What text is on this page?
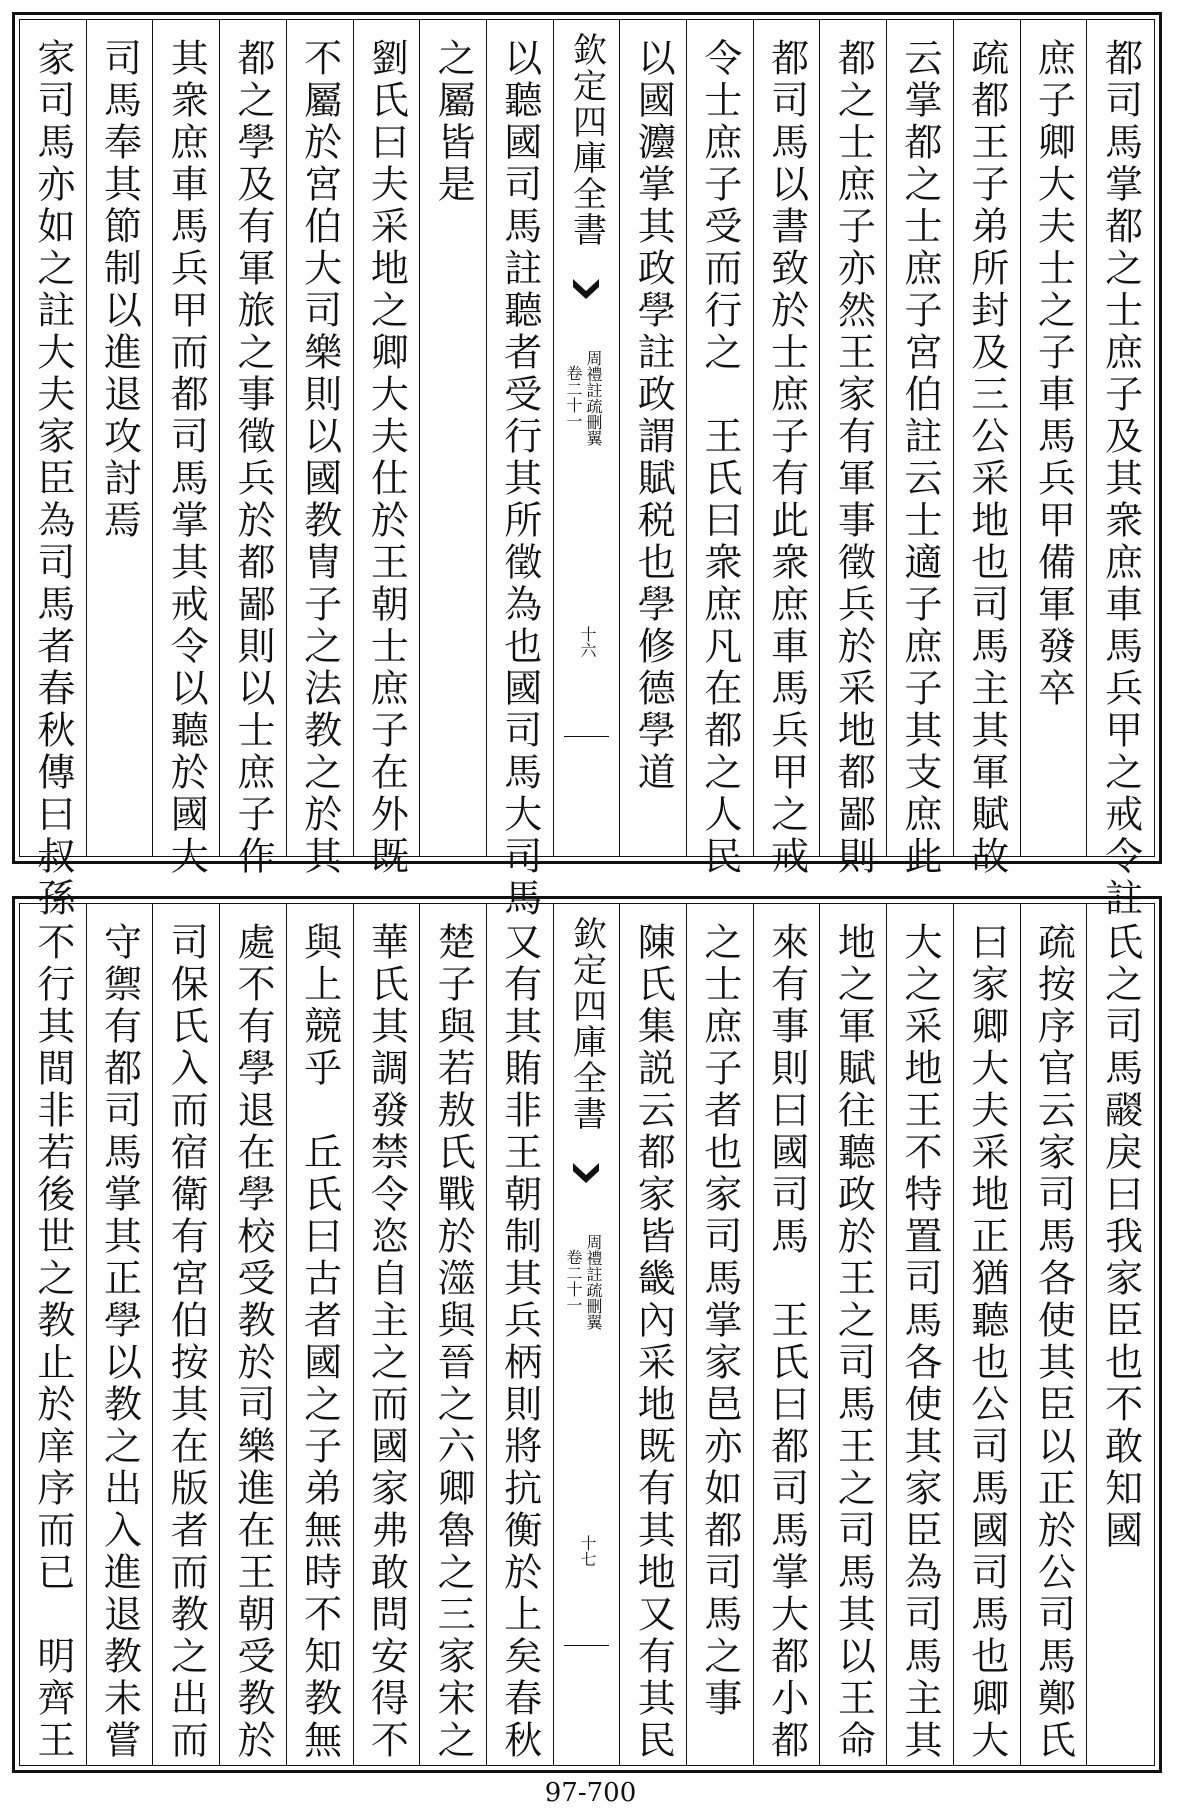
都司馬掌都之士庶子及其衆庶車馬兵甲之戒令註
庶子卿大夫士之子車馬兵甲備軍發卒
疏都王子弟所封及三公采地也司馬主其軍賦故
云掌都之士庶子宮伯註云士適子庶子其支庶此
都之士庶子亦然王家有軍事徵兵於采地都鄙則
都司馬以書致於士庶子有此衆庶車馬兵甲之戒
令士庶子受而行之　王氏曰衆庶凡在都之人民
以國灋掌其政學註政謂賦税也學修德學道
欽定四庫全書
周禮註疏刪翼
卷二十一
十六
以聽國司馬註聽者受行其所徵為也國司馬大司馬
之屬皆是
劉氏曰夫采地之卿大夫仕於王朝士庶子在外既
不屬於宮伯大司樂則以國教冑子之法教之於其
都之學及有軍旅之事徵兵於都鄙則以士庶子作
其衆庶車馬兵甲而都司馬掌其戒令以聽於國大
司馬奉其節制以進退攻討焉
家司馬亦如之註大夫家臣為司馬者春秋傳曰叔孫
氏之司馬鬷戾曰我家臣也不敢知國
疏按序官云家司馬各使其臣以正於公司馬鄭氏
曰家卿大夫采地正猶聽也公司馬國司馬也卿大
大之采地王不特置司馬各使其家臣為司馬主其
地之軍賦往聽政於王之司馬王之司馬其以王命
來有事則曰國司馬　王氏曰都司馬掌大都小都
之士庶子者也家司馬掌家邑亦如都司馬之事
陳氏集説云都家皆畿內采地既有其地又有其民
欽定四庫全書
周禮註疏刪翼
卷二十一
十七
又有其賄非王朝制其兵柄則將抗衡於上矣春秋
楚子與若敖氏戰於澨與晉之六卿魯之三家宋之
華氏其調發禁令恣自主之而國家弗敢問安得不
與上競乎　丘氏曰古者國之子弟無時不知教無
處不有學退在學校受教於司樂進在王朝受教於
司保氏入而宿衛有宮伯按其在版者而教之出而
守禦有都司馬掌其正學以教之出入進退教未嘗
不行其間非若後世之教止於庠序而已　明齊王
97-700
